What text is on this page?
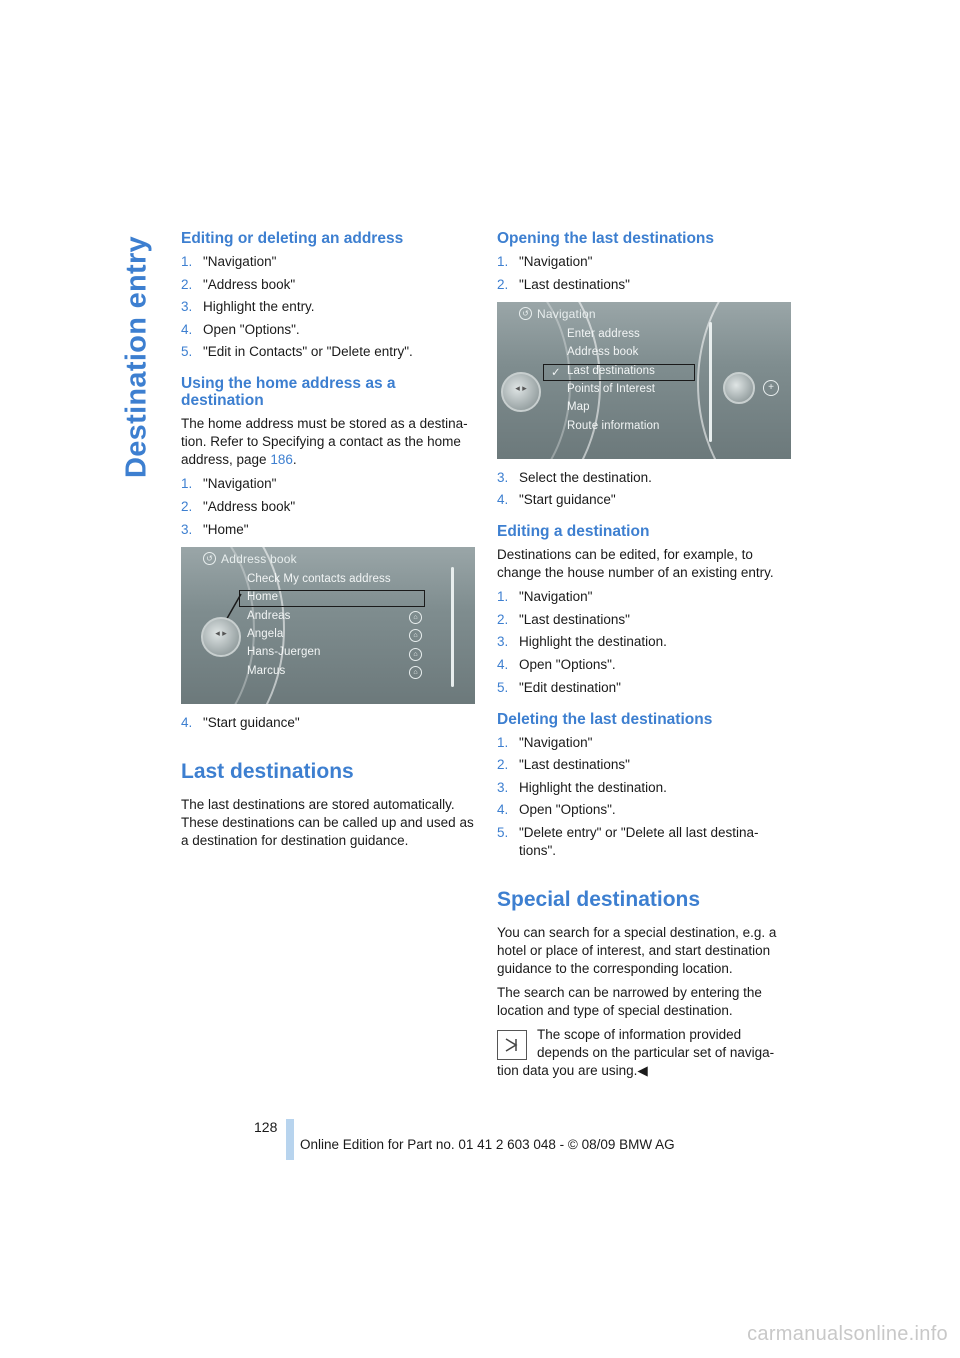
Destination entry Editing or deleting an address
1. "Navigation"
2. "Address book"
3. Highlight the entry.
4. Open "Options".
5. "Edit in Contacts" or "Delete entry".
Using the home address as a destination

The home address must be stored as a destina-tion. Refer to Specifying a contact as the home address, page 186.

1. "Navigation"
2. "Address book"
3. "Home"
↺ Address book
Check My contacts address
Home
Andreas
Angela
Hans-Juergen
Marcus
⌂
⌂
⌂
⌂
◂ ▸
4. "Start guidance"
Last destinations

The last destinations are stored automatically. These destinations can be called up and used as a destination for destination guidance.

Opening the last destinations
1. "Navigation"
2. "Last destinations"
↺ Navigation
Enter address
Address book
✓ Last destinations
Points of Interest
Map
Route information
◂ ▸	+
3. Select the destination.
4. "Start guidance"
Editing a destination

Destinations can be edited, for example, to change the house number of an existing entry.

1. "Navigation"
2. "Last destinations"
3. Highlight the destination.
4. Open "Options".
5. "Edit destination"
Deleting the last destinations
1. "Navigation"
2. "Last destinations"
3. Highlight the destination.
4. Open "Options".
5. "Delete entry" or "Delete all last destina-tions".
Special destinations

You can search for a special destination, e.g. a hotel or place of interest, and start destination guidance to the corresponding location.

The search can be narrowed by entering the location and type of special destination.

The scope of information provided depends on the particular set of naviga-tion data you are using.◀

128
Online Edition for Part no. 01 41 2 603 048 - © 08/09 BMW AG
carmanualsonline.info
